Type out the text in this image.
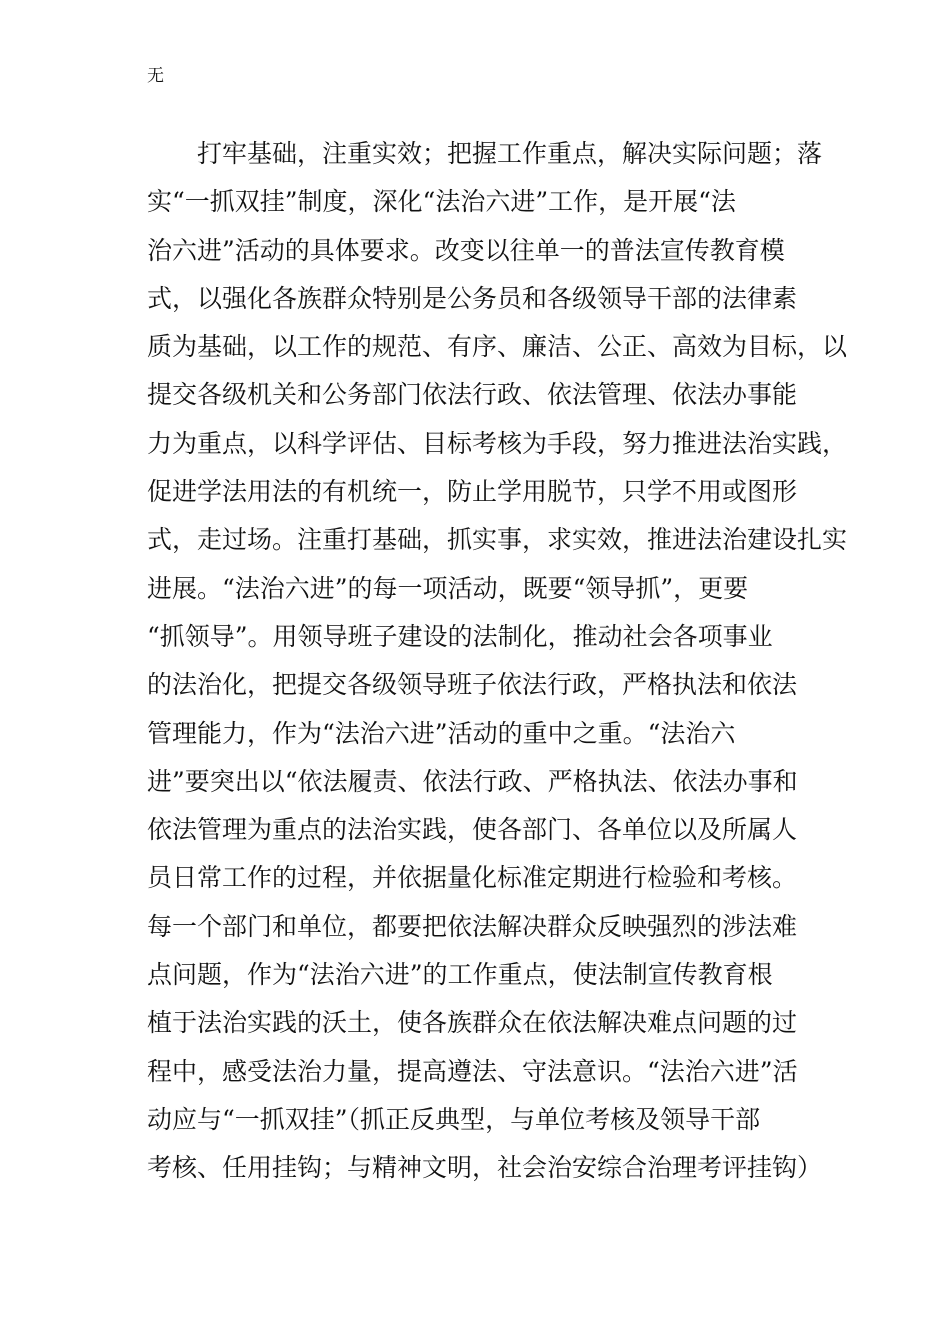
无
打牢基础，注重实效；把握工作重点，解决实际问题；落
实“一抓双挂”制度，深化“法治六进”工作，是开展“法
治六进”活动的具体要求。改变以往单一的普法宣传教育模
式，以强化各族群众特别是公务员和各级领导干部的法律素
质为基础，以工作的规范、有序、廉洁、公正、高效为目标，以
提交各级机关和公务部门依法行政、依法管理、依法办事能
力为重点，以科学评估、目标考核为手段，努力推进法治实践，
促进学法用法的有机统一，防止学用脱节，只学不用或图形
式，走过场。注重打基础，抓实事，求实效，推进法治建设扎实
进展。“法治六进”的每一项活动，既要“领导抓”，更要
“抓领导”。用领导班子建设的法制化，推动社会各项事业
的法治化，把提交各级领导班子依法行政，严格执法和依法
管理能力，作为“法治六进”活动的重中之重。“法治六
进”要突出以“依法履责、依法行政、严格执法、依法办事和
依法管理为重点的法治实践，使各部门、各单位以及所属人
员日常工作的过程，并依据量化标准定期进行检验和考核。
每一个部门和单位，都要把依法解决群众反映强烈的涉法难
点问题，作为“法治六进”的工作重点，使法制宣传教育根
植于法治实践的沃土，使各族群众在依法解决难点问题的过
程中，感受法治力量，提高遵法、守法意识。“法治六进”活
动应与“一抓双挂”（抓正反典型，与单位考核及领导干部
考核、任用挂钩；与精神文明，社会治安综合治理考评挂钩）
